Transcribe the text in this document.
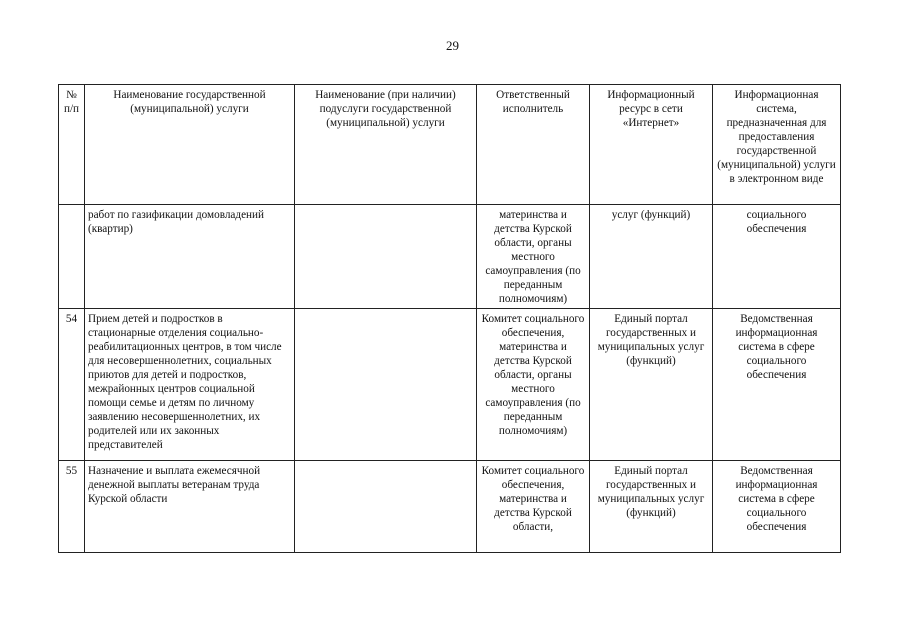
29
№ п/п	Наименование государственной (муниципальной) услуги	Наименование (при наличии) подуслуги государственной (муниципальной) услуги	Ответственный исполнитель	Информационный ресурс в сети «Интернет»	Информационная система, предназначенная для предоставления государственной (муниципальной) услуги в электронном виде
	работ по газификации домовладений (квартир)		материнства и детства Курской области, органы местного самоуправления (по переданным полномочиям)	услуг (функций)	социального обеспечения
54	Прием детей и подростков в стационарные отделения социально-реабилитационных центров, в том числе для несовершеннолетних, социальных приютов для детей и подростков, межрайонных центров социальной помощи семье и детям по личному заявлению несовершеннолетних, их родителей или их законных представителей		Комитет социального обеспечения, материнства и детства Курской области, органы местного самоуправления (по переданным полномочиям)	Единый портал государственных и муниципальных услуг (функций)	Ведомственная информационная система в сфере социального обеспечения
55	Назначение и выплата ежемесячной денежной выплаты ветеранам труда Курской области		Комитет социального обеспечения, материнства и детства Курской области,	Единый портал государственных и муниципальных услуг (функций)	Ведомственная информационная система в сфере социального обеспечения
